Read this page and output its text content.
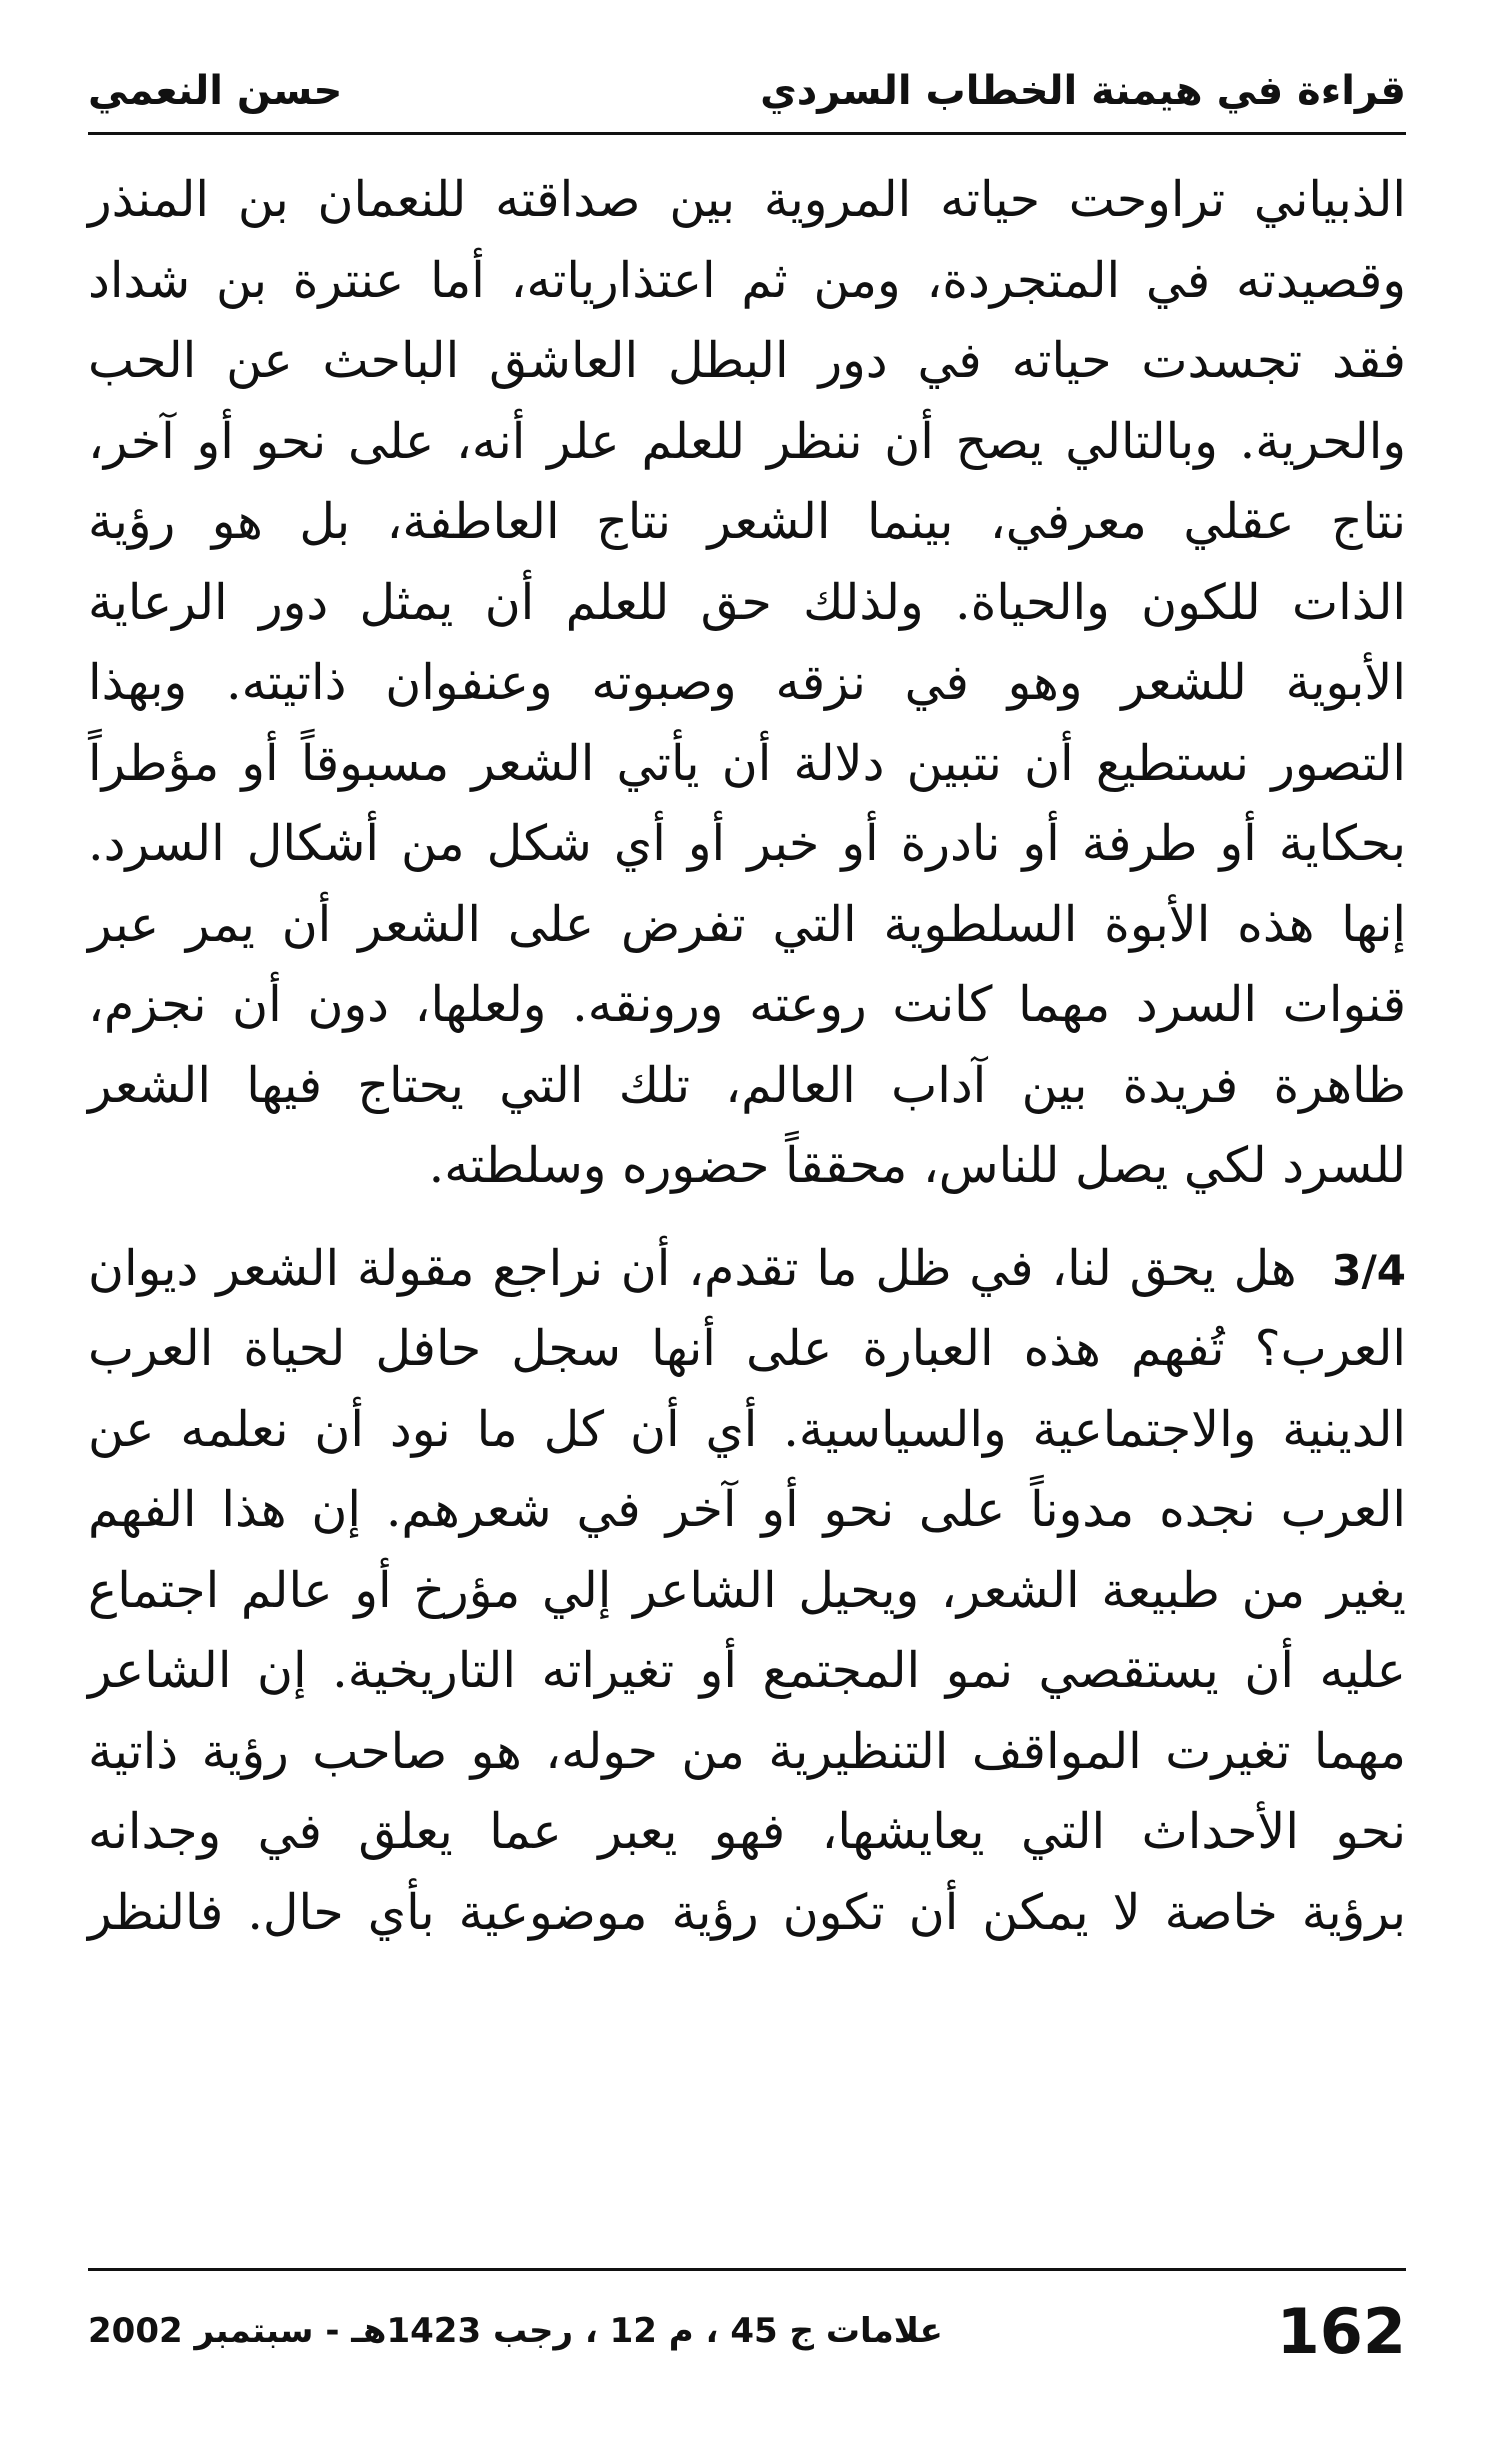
قراءة في هيمنة الخطاب السردي
حسن النعمي
الذبياني تراوحت حياته المروية بين صداقته للنعمان بن المنذر
وقصيدته في المتجردة، ومن ثم اعتذارياته، أما عنترة بن شداد
فقد تجسدت حياته في دور البطل العاشق الباحث عن الحب
والحرية. وبالتالي يصح أن ننظر للعلم علر أنه، على نحو أو آخر،
نتاج عقلي معرفي، بينما الشعر نتاج العاطفة، بل هو رؤية
الذات للكون والحياة. ولذلك حق للعلم أن يمثل دور الرعاية
الأبوية للشعر وهو في نزقه وصبوته وعنفوان ذاتيته. وبهذا
التصور نستطيع أن نتبين دلالة أن يأتي الشعر مسبوقاً أو مؤطراً
بحكاية أو طرفة أو نادرة أو خبر أو أي شكل من أشكال السرد.
إنها هذه الأبوة السلطوية التي تفرض على الشعر أن يمر عبر
قنوات السرد مهما كانت روعته ورونقه. ولعلها، دون أن نجزم،
ظاهرة فريدة بين آداب العالم، تلك التي يحتاج فيها الشعر
للسرد لكي يصل للناس، محققاً حضوره وسلطته.
3/4  هل يحق لنا، في ظل ما تقدم، أن نراجع مقولة الشعر ديوان
العرب؟ تُفهم هذه العبارة على أنها سجل حافل لحياة العرب
الدينية والاجتماعية والسياسية. أي أن كل ما نود أن نعلمه عن
العرب نجده مدوناً على نحو أو آخر في شعرهم. إن هذا الفهم
يغير من طبيعة الشعر، ويحيل الشاعر إلي مؤرخ أو عالم اجتماع
عليه أن يستقصي نمو المجتمع أو تغيراته التاريخية. إن الشاعر
مهما تغيرت المواقف التنظيرية من حوله، هو صاحب رؤية ذاتية
نحو الأحداث التي يعايشها، فهو يعبر عما يعلق في وجدانه
برؤية خاصة لا يمكن أن تكون رؤية موضوعية بأي حال. فالنظر
162
علامات ج 45 ، م 12 ، رجب 1423هـ - سبتمبر 2002
